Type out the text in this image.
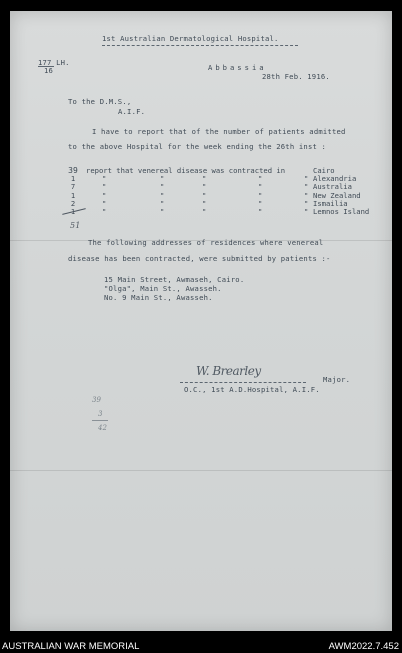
1st Australian Dermatological Hospital.
177 LH.
16	Abbassia
28th Feb. 1916.
To the D.M.S.,
A.I.F.
I have to report that of the number of patients admitted
to the above Hospital for the week ending the 26th inst :
39 report that venereal disease was contracted in	Cairo
1	"	"	"	"	" Alexandria
7	"	"	"	"	" Australia
1	"	"	"	"	" New Zealand
2	"	"	"	"	" Ismailia
1	"	"	"	"	" Lemnos Island
51
The following addresses of residences where venereal
disease has been contracted, were submitted by patients :-
15 Main Street, Awmaseh, Cairo.
"Olga", Main St., Awasseh.
No. 9 Main St., Awasseh.
W. Brearley
Major.
O.C., 1st A.D.Hospital, A.I.F.
39
3
42
AUSTRALIAN WAR MEMORIAL	AWM2022.7.452
